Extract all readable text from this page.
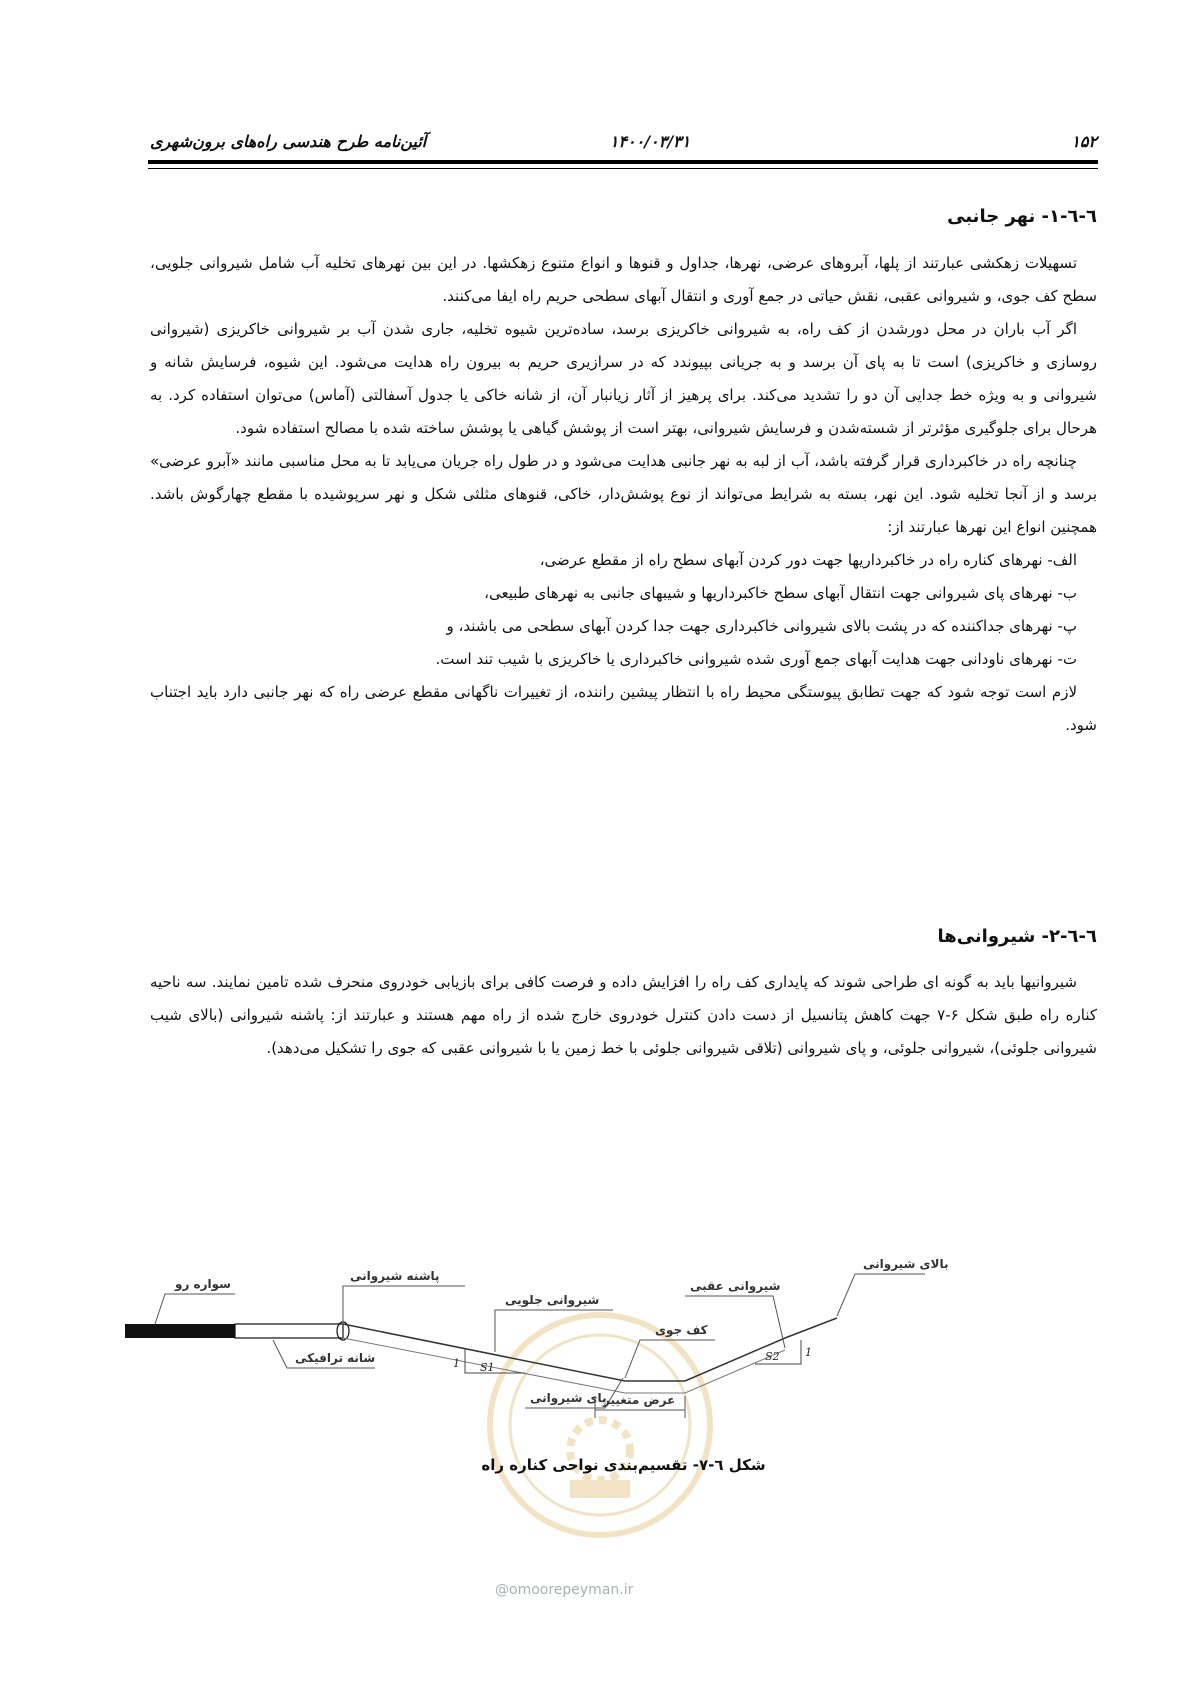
۱۵۲
۱۴۰۰/۰۳/۳۱
آئین‌نامه طرح هندسی راه‌های برون‌شهری
٦-٦-١- نهر جانبی

تسهیلات زهکشی عبارتند از پلها، آبروهای عرضی، نهرها، جداول و قنوها و انواع متنوع زهکشها. در این بین نهرهای تخلیه آب شامل شیروانی جلویی، سطح کف جوی، و شیروانی عقبی، نقش حیاتی در جمع آوری و انتقال آبهای سطحی حریم راه ایفا می‌کنند.

اگر آب باران در محل دورشدن از کف راه، به شیروانی خاکریزی برسد، ساده‌ترین شیوه تخلیه، جاری شدن آب بر شیروانی خاکریزی (شیروانی روسازی و خاکریزی) است تا به پای آن برسد و به جریانی بپیوندد که در سرازیری حریم به بیرون راه هدایت می‌شود. این شیوه، فرسایش شانه و شیروانی و به ویژه خط جدایی آن دو را تشدید می‌کند. برای پرهیز از آثار زیانبار آن، از شانه خاکی یا جدول آسفالتی (آماس) می‌توان استفاده کرد. به هرحال برای جلوگیری مؤثرتر از شسته‌شدن و فرسایش شیروانی، بهتر است از پوشش گیاهی یا پوشش ساخته شده با مصالح استفاده شود.

چنانچه راه در خاکبرداری قرار گرفته باشد، آب از لبه به نهر جانبی هدایت می‌شود و در طول راه جریان می‌یابد تا به محل مناسبی مانند «آبرو عرضی» برسد و از آنجا تخلیه شود. این نهر، بسته به شرایط می‌تواند از نوع پوشش‌دار، خاکی، قنوهای مثلثی شکل و نهر سرپوشیده با مقطع چهارگوش باشد. همچنین انواع این نهرها عبارتند از:

الف- نهرهای کناره راه در خاکبرداریها جهت دور کردن آبهای سطح راه از مقطع عرضی،

ب- نهرهای پای شیروانی جهت انتقال آبهای سطح خاکبرداریها و شیبهای جانبی به نهرهای طبیعی،

پ- نهرهای جداکننده که در پشت بالای شیروانی خاکبرداری جهت جدا کردن آبهای سطحی می باشند، و

ت- نهرهای ناودانی جهت هدایت آبهای جمع آوری شده شیروانی خاکبرداری یا خاکریزی با شیب تند است.

لازم است توجه شود که جهت تطابق پیوستگی محیط راه با انتظار پیشین راننده، از تغییرات ناگهانی مقطع عرضی راه که نهر جانبی دارد باید اجتناب شود.

٦-٦-٢- شیروانی‌ها

شیروانیها باید به گونه ای طراحی شوند که پایداری کف راه را افزایش داده و فرصت کافی برای بازیابی خودروی منحرف شده تامین نمایند. سه ناحیه کناره راه طبق شکل ۶-۷ جهت کاهش پتانسیل از دست دادن کنترل خودروی خارج شده از راه مهم هستند و عبارتند از: پاشنه شیروانی (بالای شیب شیروانی جلوئی)، شیروانی جلوئی، و پای شیروانی (تلاقی شیروانی جلوئی با خط زمین یا با شیروانی عقبی که جوی را تشکیل می‌دهد).

S1
1
S2 1
سواره رو
پاشنه شیروانی
شیروانی جلویی
کف جوی
شیروانی عقبی
بالای شیروانی
شانه ترافیکی
پای شیروانی
عرض متغییر
شکل ٦-٧- تقسیم‌بندی نواحی کناره راه
@omoorepeyman.ir
